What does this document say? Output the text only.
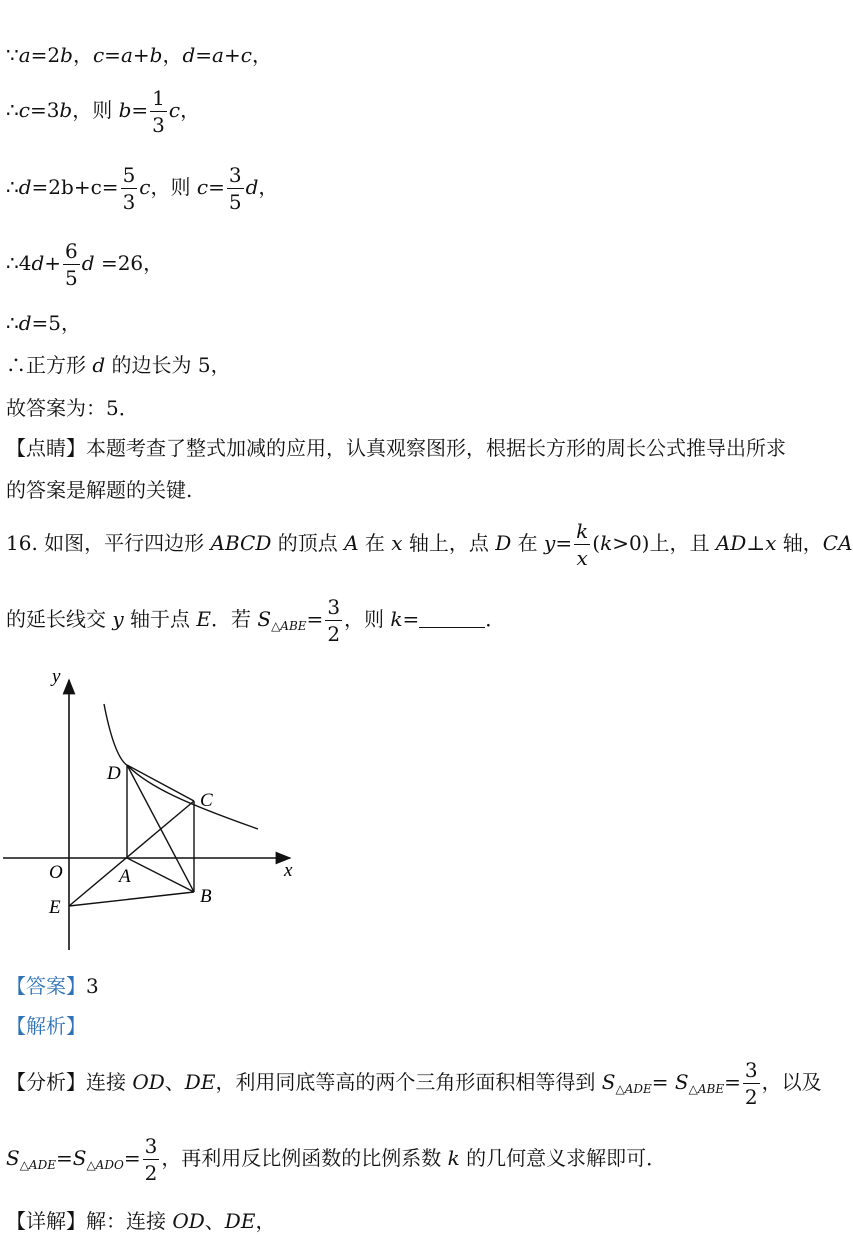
∵a=2b，c=a+b，d=a+c，
∴c=3b，则 $b= \frac{1}{3}$ c，
∴d=2b+c= $\frac{5}{3}$ c，则 $c= \frac{3}{5}$ d，
∴4d+ $\frac{6}{5}$ d =26，
∴d=5，
∴正方形 d 的边长为 5，
故答案为：5．
【点睛】本题考查了整式加减的应用，认真观察图形，根据长方形的周长公式推导出所求
的答案是解题的关键.
16. 如图，平行四边形 ABCD 的顶点 A 在 x 轴上，点 D 在 $y= \frac{k}{x} (k>0)$上，且 AD⊥x 轴，CA
的延长线交 y 轴于点 E．若 $S_{\triangle ABE}= \frac{3}{2}$ ，则 k=	．
y
x
O	A
B
C
D
E
【答案】3
【解析】
【分析】连接 OD、DE，利用同底等高的两个三角形面积相等得到 $S_{\triangle ADE}= S_{\triangle ABE}= \frac{3}{2}$ ，以及
$S_{\triangle ADE}=S_{\triangle ADO}= \frac{3}{2}$ ，再利用反比例函数的比例系数 k 的几何意义求解即可．
【详解】解：连接 OD、DE，
